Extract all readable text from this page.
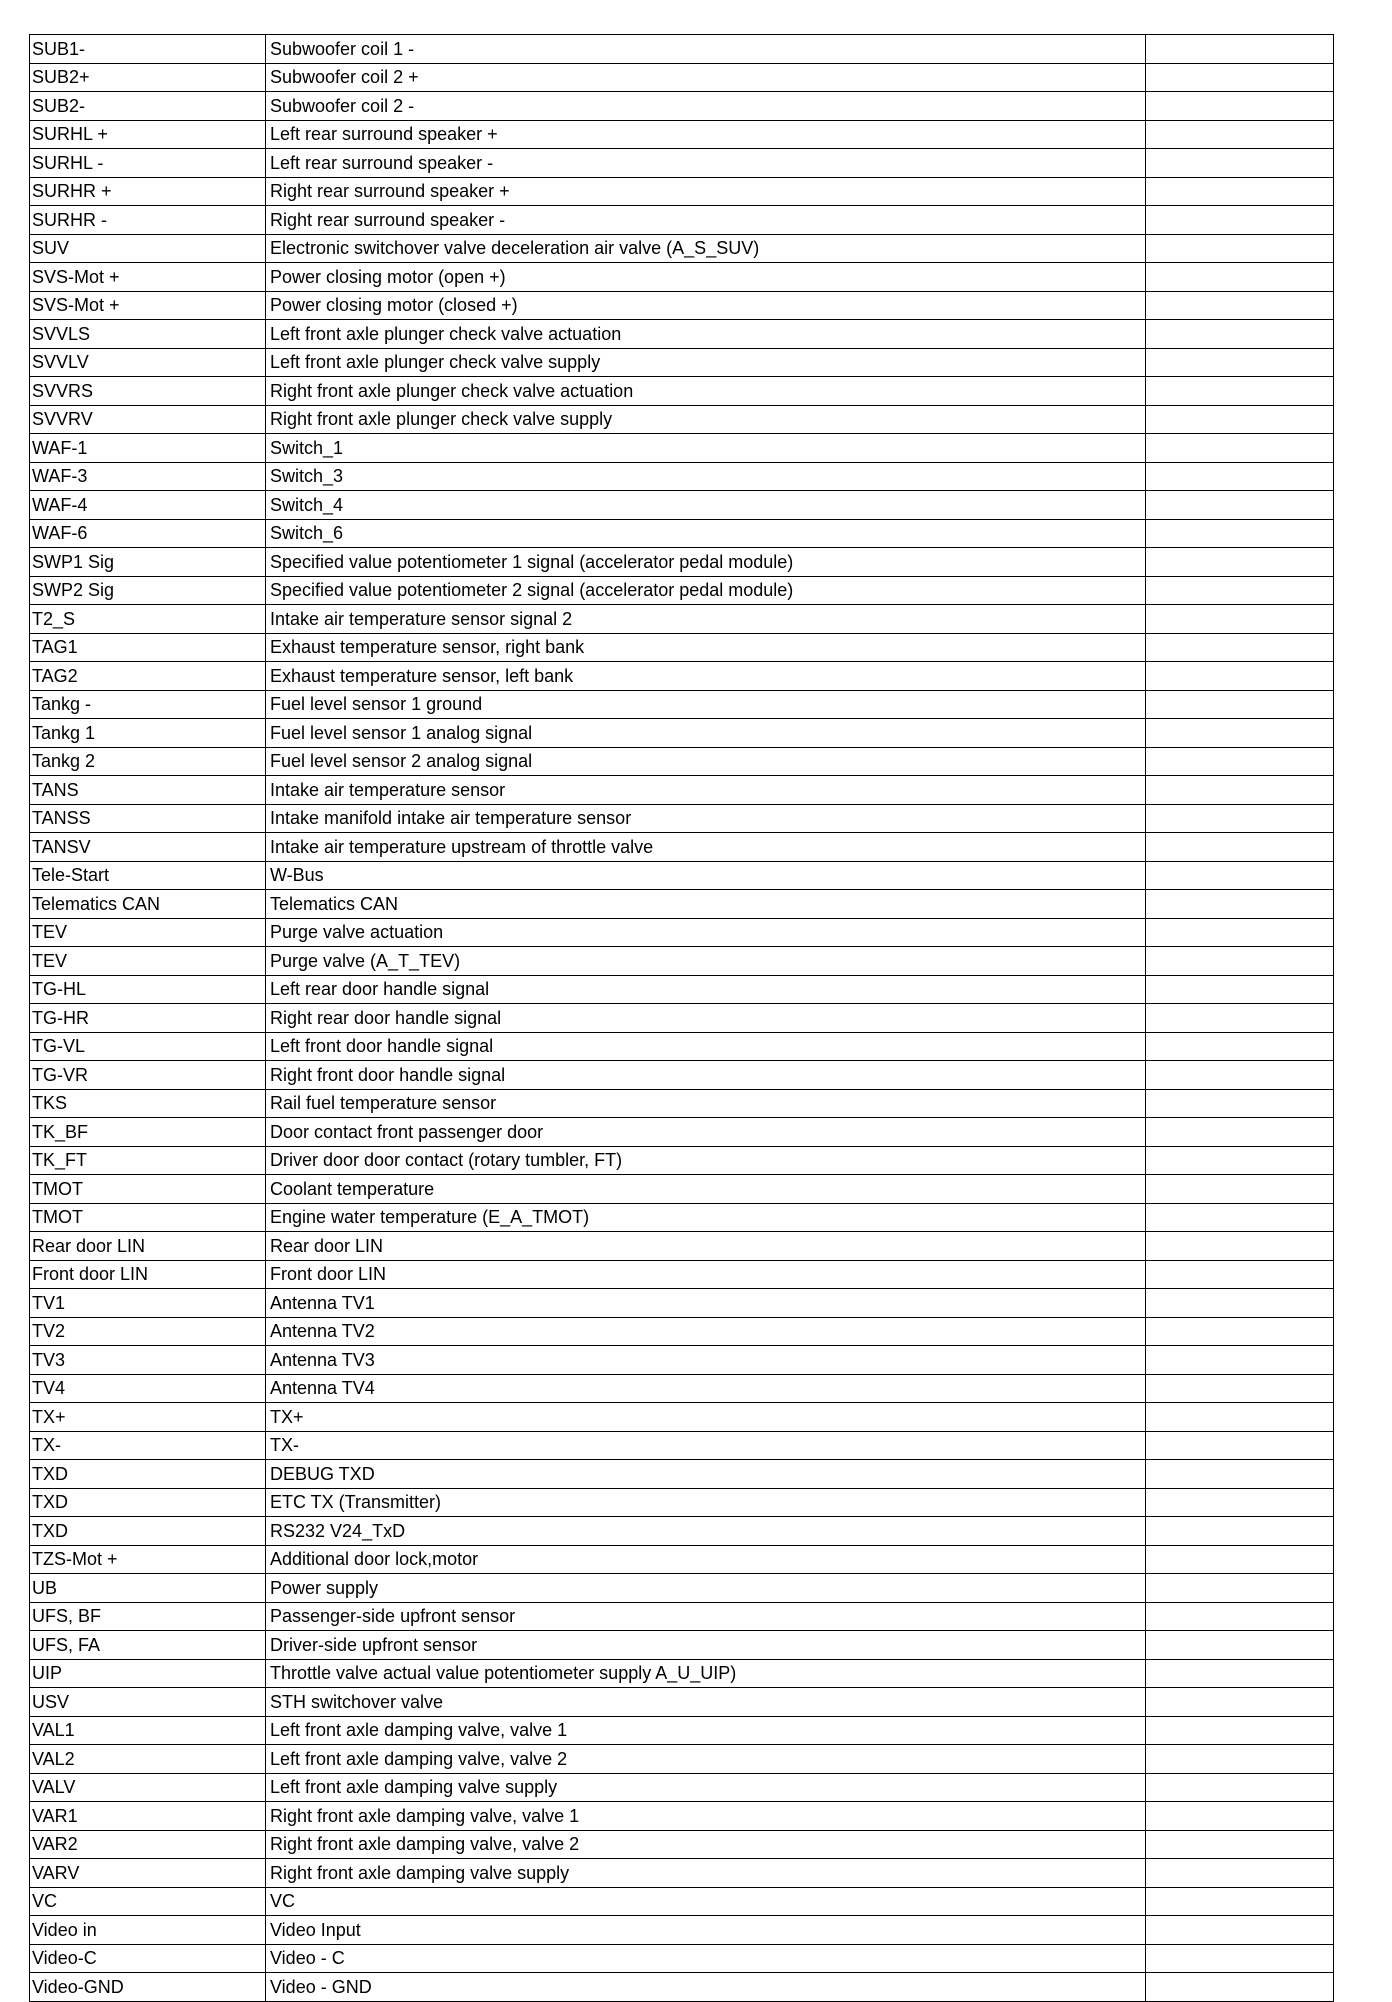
SUB1-	Subwoofer coil 1 -	
SUB2+	Subwoofer coil 2 +	
SUB2-	Subwoofer coil 2 -	
SURHL +	Left rear surround speaker +	
SURHL -	Left rear surround speaker -	
SURHR +	Right rear surround speaker +	
SURHR -	Right rear surround speaker -	
SUV	Electronic switchover valve deceleration air valve (A_S_SUV)	
SVS-Mot +	Power closing motor (open +)	
SVS-Mot +	Power closing motor (closed +)	
SVVLS	Left front axle plunger check valve actuation	
SVVLV	Left front axle plunger check valve supply	
SVVRS	Right front axle plunger check valve actuation	
SVVRV	Right front axle plunger check valve supply	
WAF-1	Switch_1	
WAF-3	Switch_3	
WAF-4	Switch_4	
WAF-6	Switch_6	
SWP1 Sig	Specified value potentiometer 1 signal (accelerator pedal module)	
SWP2 Sig	Specified value potentiometer 2 signal (accelerator pedal module)	
T2_S	Intake air temperature sensor signal 2	
TAG1	Exhaust temperature sensor, right bank	
TAG2	Exhaust temperature sensor, left bank	
Tankg -	Fuel level sensor 1 ground	
Tankg 1	Fuel level sensor 1 analog signal	
Tankg 2	Fuel level sensor 2 analog signal	
TANS	Intake air temperature sensor	
TANSS	Intake manifold intake air temperature sensor	
TANSV	Intake air temperature upstream of throttle valve	
Tele-Start	W-Bus	
Telematics CAN	Telematics CAN	
TEV	Purge valve actuation	
TEV	Purge valve (A_T_TEV)	
TG-HL	Left rear door handle signal	
TG-HR	Right rear door handle signal	
TG-VL	Left front door handle signal	
TG-VR	Right front door handle signal	
TKS	Rail fuel temperature sensor	
TK_BF	Door contact front passenger door	
TK_FT	Driver door door contact (rotary tumbler, FT)	
TMOT	Coolant temperature	
TMOT	Engine water temperature (E_A_TMOT)	
Rear door LIN	Rear door LIN	
Front door LIN	Front door LIN	
TV1	Antenna TV1	
TV2	Antenna TV2	
TV3	Antenna TV3	
TV4	Antenna TV4	
TX+	TX+	
TX-	TX-	
TXD	DEBUG TXD	
TXD	ETC TX (Transmitter)	
TXD	RS232 V24_TxD	
TZS-Mot +	Additional door lock,motor	
UB	Power supply	
UFS, BF	Passenger-side upfront sensor	
UFS, FA	Driver-side upfront sensor	
UIP	Throttle valve actual value potentiometer supply A_U_UIP)	
USV	STH switchover valve	
VAL1	Left front axle damping valve, valve 1	
VAL2	Left front axle damping valve, valve 2	
VALV	Left front axle damping valve supply	
VAR1	Right front axle damping valve, valve 1	
VAR2	Right front axle damping valve, valve 2	
VARV	Right front axle damping valve supply	
VC	VC	
Video in	Video Input	
Video-C	Video - C	
Video-GND	Video - GND	
